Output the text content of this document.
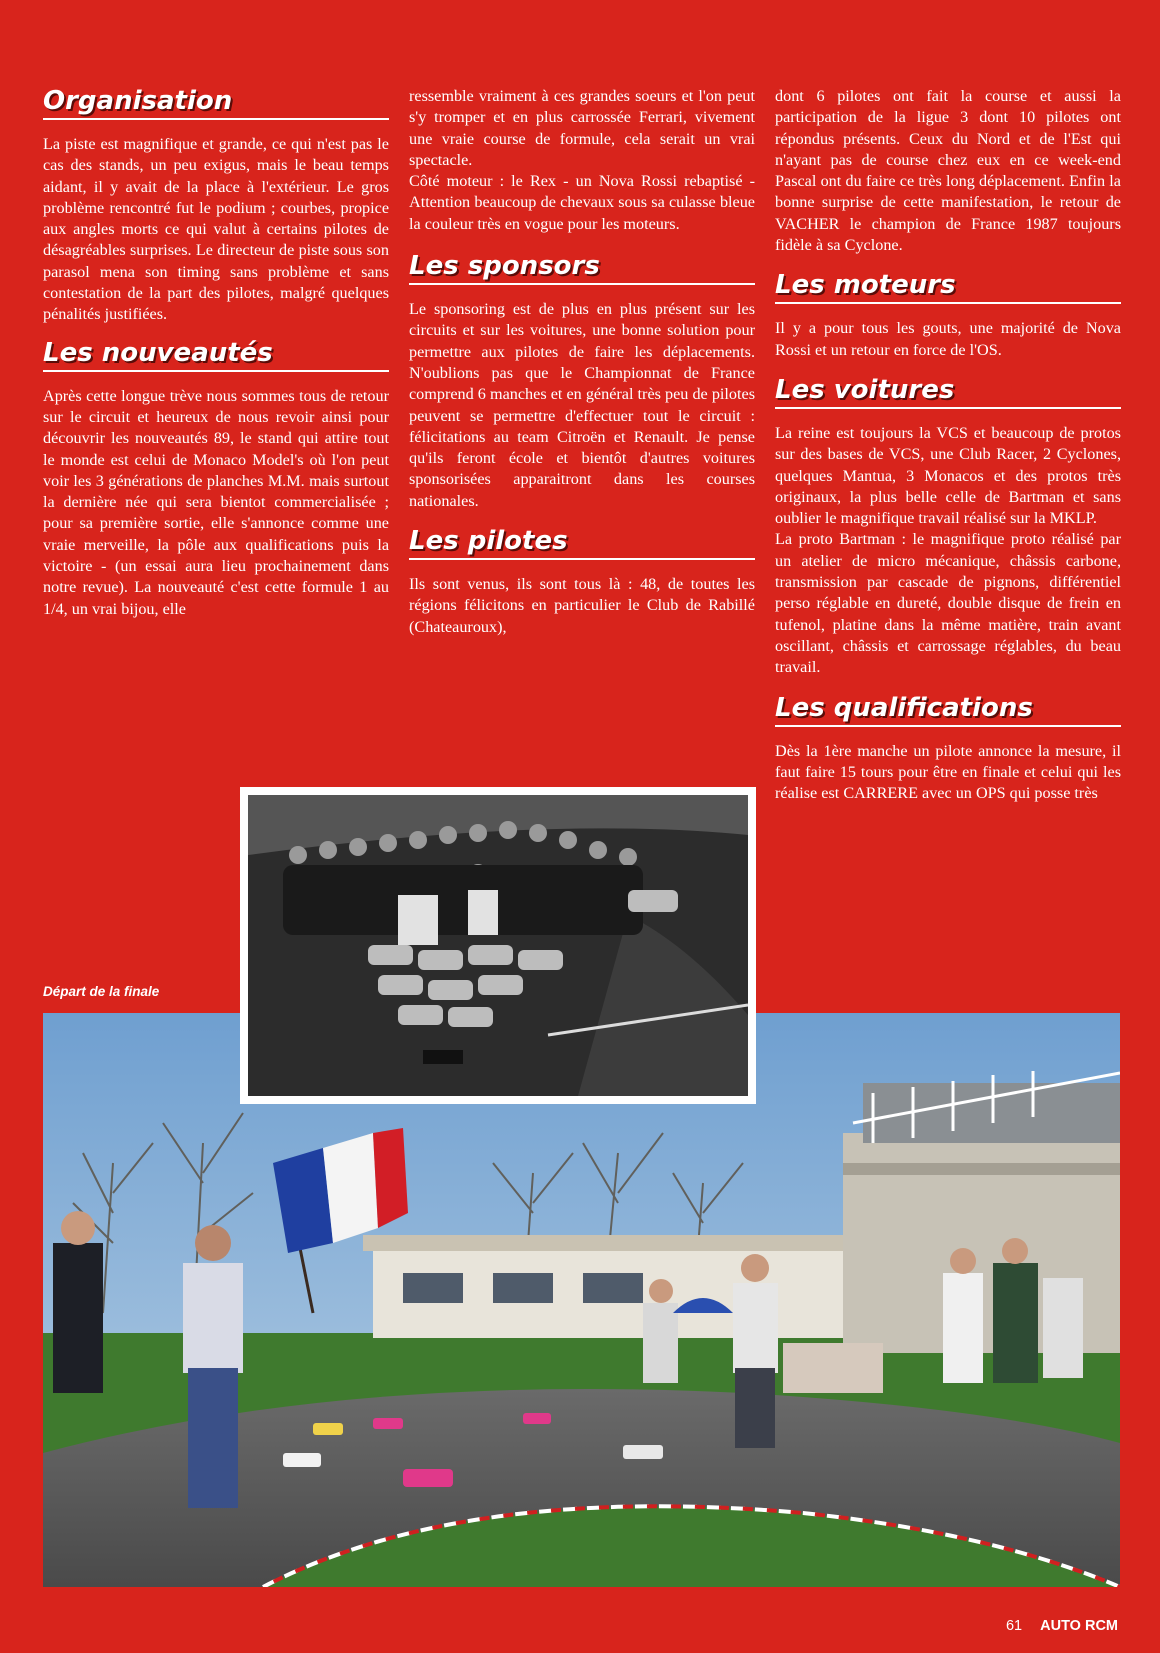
Organisation

La piste est magnifique et grande, ce qui n'est pas le cas des stands, un peu exigus, mais le beau temps aidant, il y avait de la place à l'extérieur. Le gros problème rencontré fut le podium ; courbes, propice aux angles morts ce qui valut à certains pilotes de désagréables surprises. Le directeur de piste sous son parasol mena son timing sans problème et sans contestation de la part des pilotes, malgré quelques pénalités justifiées.

Les nouveautés

Après cette longue trève nous sommes tous de retour sur le circuit et heureux de nous revoir ainsi pour découvrir les nouveautés 89, le stand qui attire tout le monde est celui de Monaco Model's où l'on peut voir les 3 générations de planches M.M. mais surtout la dernière née qui sera bientot commercialisée ; pour sa première sortie, elle s'annonce comme une vraie merveille, la pôle aux qualifications puis la victoire - (un essai aura lieu prochainement dans notre revue). La nouveauté c'est cette formule 1 au 1/4, un vrai bijou, elle

ressemble vraiment à ces grandes soeurs et l'on peut s'y tromper et en plus carrossée Ferrari, vivement une vraie course de formule, cela serait un vrai spectacle.

Côté moteur : le Rex - un Nova Rossi rebaptisé - Attention beaucoup de chevaux sous sa culasse bleue la couleur très en vogue pour les moteurs.

Les sponsors

Le sponsoring est de plus en plus présent sur les circuits et sur les voitures, une bonne solution pour permettre aux pilotes de faire les déplacements. N'oublions pas que le Championnat de France comprend 6 manches et en général très peu de pilotes peuvent se permettre d'effectuer tout le circuit : félicitations au team Citroën et Renault. Je pense qu'ils feront école et bientôt d'autres voitures sponsorisées apparaitront dans les courses nationales.

Les pilotes

Ils sont venus, ils sont tous là : 48, de toutes les régions félicitons en particulier le Club de Rabillé (Chateauroux),

dont 6 pilotes ont fait la course et aussi la participation de la ligue 3 dont 10 pilotes ont répondus présents. Ceux du Nord et de l'Est qui n'ayant pas de course chez eux en ce week-end Pascal ont du faire ce très long déplacement. Enfin la bonne surprise de cette manifestation, le retour de VACHER le champion de France 1987 toujours fidèle à sa Cyclone.

Les moteurs

Il y a pour tous les gouts, une majorité de Nova Rossi et un retour en force de l'OS.

Les voitures

La reine est toujours la VCS et beaucoup de protos sur des bases de VCS, une Club Racer, 2 Cyclones, quelques Mantua, 3 Monacos et des protos très originaux, la plus belle celle de Bartman et sans oublier le magnifique travail réalisé sur la MKLP.

La proto Bartman : le magnifique proto réalisé par un atelier de micro mécanique, châssis carbone, transmission par cascade de pignons, différentiel perso réglable en dureté, double disque de frein en tufenol, platine dans la même matière, train avant oscillant, châssis et carrossage réglables, du beau travail.

Les qualifications

Dès la 1ère manche un pilote annonce la mesure, il faut faire 15 tours pour être en finale et celui qui les réalise est CARRERE avec un OPS qui posse très

Départ de la finale
61 AUTO RCM
